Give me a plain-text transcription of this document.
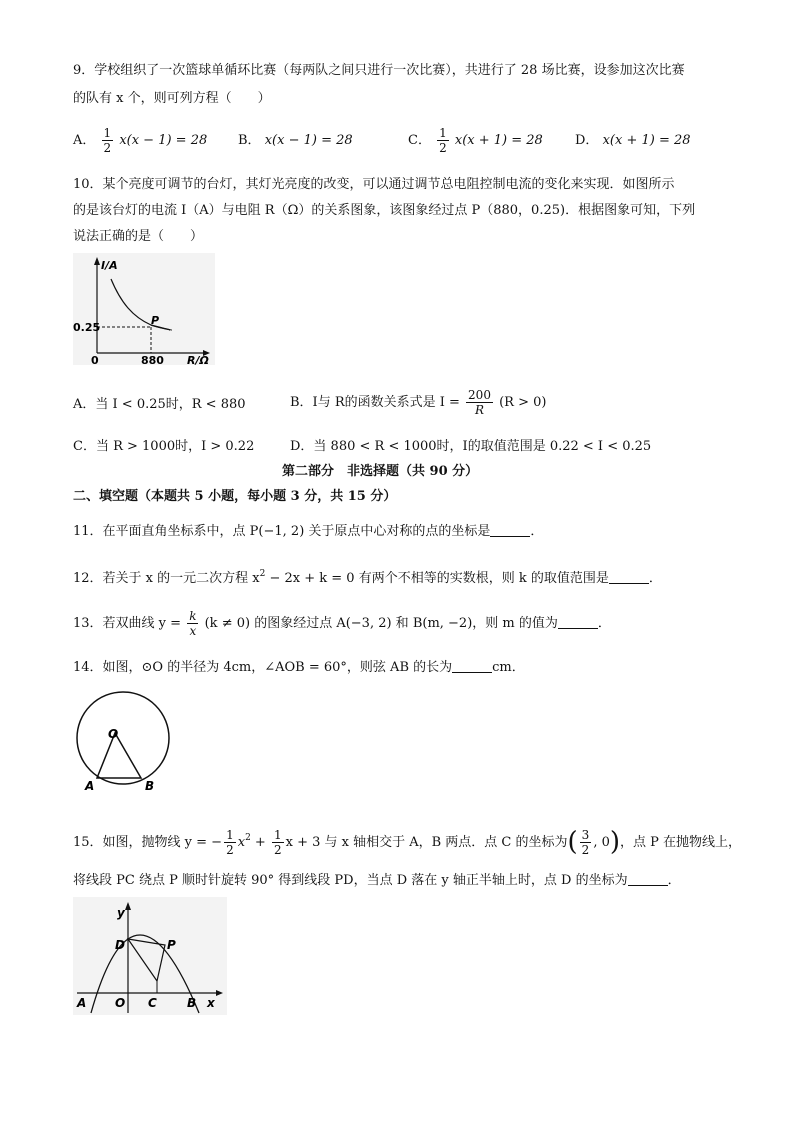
9．学校组织了一次篮球单循环比赛（每两队之间只进行一次比赛），共进行了 28 场比赛，设参加这次比赛
的队有 x 个，则可列方程（　　）
A． $\frac{1}{2} x(x - 1) = 28$ B． x(x − 1) = 28	C． $\frac{1}{2} x(x + 1) = 28$ D． x(x + 1) = 28
10．某个亮度可调节的台灯，其灯光亮度的改变，可以通过调节总电阻控制电流的变化来实现．如图所示
的是该台灯的电流 I（A）与电阻 R（Ω）的关系图象，该图象经过点 P（880，0.25)．根据图象可知，下列
说法正确的是（　　）
I/A
0.25
P
0	880 R/Ω
A．当 I < 0.25时，R < 880	B．I与 R的函数关系式是 $I = \frac{200}{R} (R > 0)$
C．当 R > 1000时，I > 0.22	D．当 880 < R < 1000时，I的取值范围是 0.22 < I < 0.25
第二部分　非选择题（共 90 分）
二、填空题（本题共 5 小题，每小题 3 分，共 15 分）
11．在平面直角坐标系中，点 P(−1, 2) 关于原点中心对称的点的坐标是	．
12．若关于 x 的一元二次方程 $x^2 - 2x + k = 0$ 有两个不相等的实数根，则 k 的取值范围是	．
13．若双曲线 $y = \frac{k}{x} (k \ne 0)$ 的图象经过点 A(−3, 2) 和 B(m, −2)，则 m 的值为	．
14．如图，⊙O 的半径为 4cm，∠AOB = 60°，则弦 AB 的长为	cm．
O
A	B
15．如图，抛物线 y = − $\frac{1}{2} x^2 + \frac{1}{2}$ x + 3 与 x 轴相交于 A，B 两点．点 C 的坐标为( $\frac{3}{2}$ , 0)，点 P 在抛物线上，
将线段 PC 绕点 P 顺时针旋转 90° 得到线段 PD，当点 D 落在 y 轴正半轴上时，点 D 的坐标为	．
y
x
D	P
A O C	B
